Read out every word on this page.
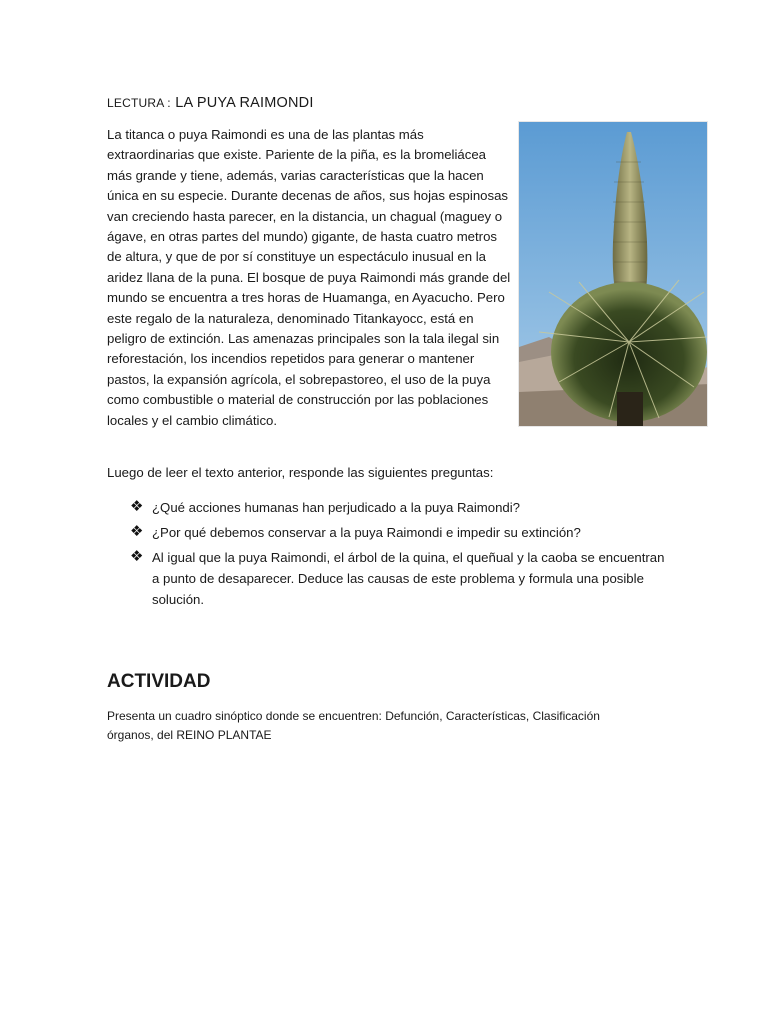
LECTURA : LA PUYA RAIMONDI

La titanca o puya Raimondi es una de las plantas más extraordinarias que existe. Pariente de la piña, es la bromeliácea más grande y tiene, además, varias características que la hacen única en su especie. Durante decenas de años, sus hojas espinosas van creciendo hasta parecer, en la distancia, un chagual (maguey o ágave, en otras partes del mundo) gigante, de hasta cuatro metros de altura, y que de por sí constituye un espectáculo inusual en la aridez llana de la puna. El bosque de puya Raimondi más grande del mundo se encuentra a tres horas de Huamanga, en Ayacucho. Pero este regalo de la naturaleza, denominado Titankayocc, está en peligro de extinción. Las amenazas principales son la tala ilegal sin reforestación, los incendios repetidos para generar o mantener pastos, la expansión agrícola, el sobrepastoreo, el uso de la puya como combustible o material de construcción por las poblaciones locales y el cambio climático.

Luego de leer el texto anterior, responde las siguientes preguntas:

❖ ¿Qué acciones humanas han perjudicado a la puya Raimondi?
❖ ¿Por qué debemos conservar a la puya Raimondi e impedir su extinción?
❖ Al igual que la puya Raimondi, el árbol de la quina, el queñual y la caoba se encuentran a punto de desaparecer. Deduce las causas de este problema y formula una posible solución.
ACTIVIDAD

Presenta un cuadro sinóptico donde se encuentren: Defunción, Características, Clasificación órganos, del REINO PLANTAE
